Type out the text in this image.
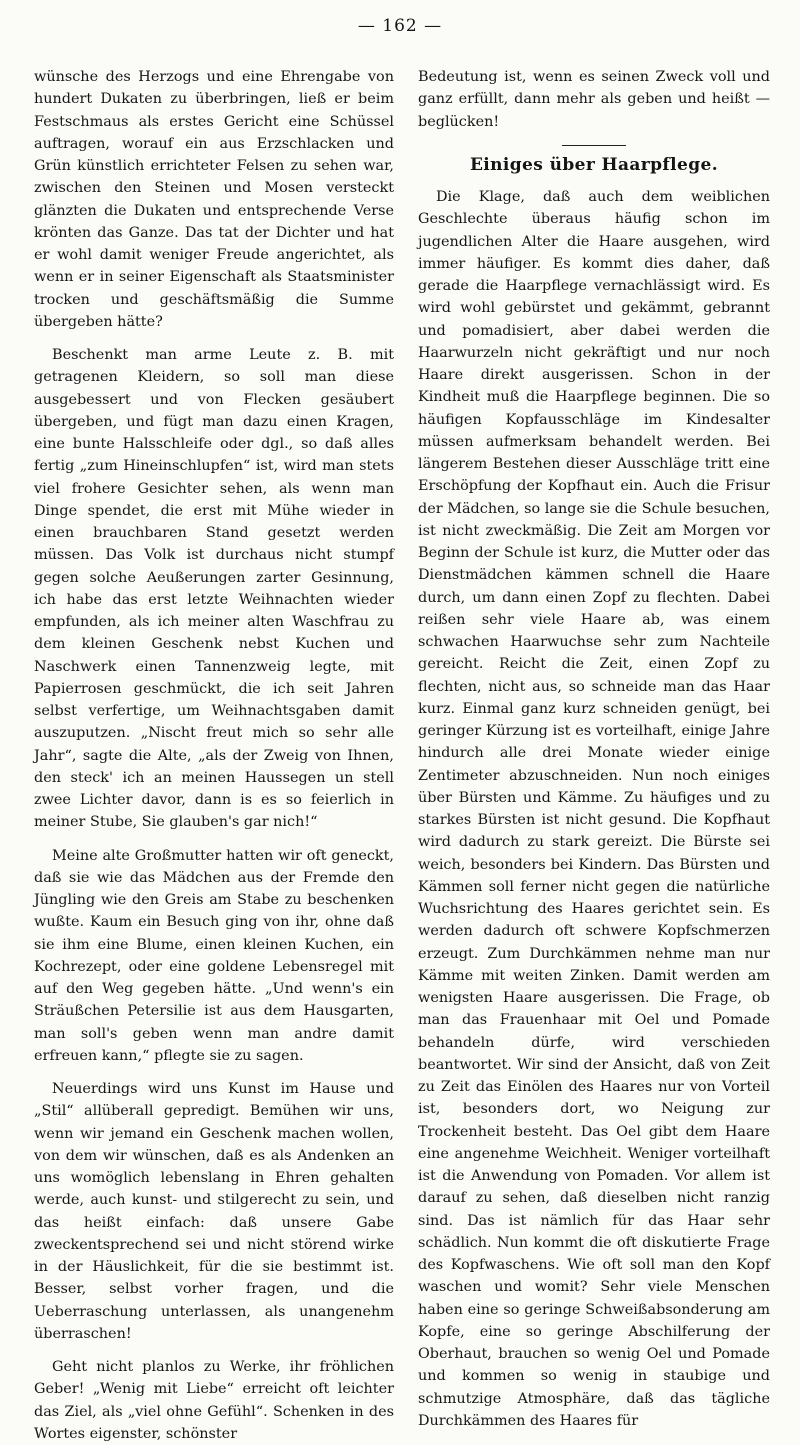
— 162 —

wünsche des Herzogs und eine Ehrengabe von hundert Dukaten zu überbringen, ließ er beim Festschmaus als erstes Gericht eine Schüssel auftragen, worauf ein aus Erzschlacken und Grün künstlich errichteter Felsen zu sehen war, zwischen den Steinen und Mosen versteckt glänzten die Dukaten und entsprechende Verse krönten das Ganze. Das tat der Dichter und hat er wohl damit weniger Freude angerichtet, als wenn er in seiner Eigenschaft als Staatsminister trocken und geschäftsmäßig die Summe übergeben hätte?

Beschenkt man arme Leute z. B. mit getragenen Kleidern, so soll man diese ausgebessert und von Flecken gesäubert übergeben, und fügt man dazu einen Kragen, eine bunte Halsschleife oder dgl., so daß alles fertig „zum Hineinschlupfen“ ist, wird man stets viel frohere Gesichter sehen, als wenn man Dinge spendet, die erst mit Mühe wieder in einen brauchbaren Stand gesetzt werden müssen. Das Volk ist durchaus nicht stumpf gegen solche Aeußerungen zarter Gesinnung, ich habe das erst letzte Weihnachten wieder empfunden, als ich meiner alten Waschfrau zu dem kleinen Geschenk nebst Kuchen und Naschwerk einen Tannenzweig legte, mit Papierrosen geschmückt, die ich seit Jahren selbst verfertige, um Weihnachtsgaben damit auszuputzen. „Nischt freut mich so sehr alle Jahr“, sagte die Alte, „als der Zweig von Ihnen, den steck' ich an meinen Haussegen un stell zwee Lichter davor, dann is es so feierlich in meiner Stube, Sie glauben's gar nich!“

Meine alte Großmutter hatten wir oft geneckt, daß sie wie das Mädchen aus der Fremde den Jüngling wie den Greis am Stabe zu beschenken wußte. Kaum ein Besuch ging von ihr, ohne daß sie ihm eine Blume, einen kleinen Kuchen, ein Kochrezept, oder eine goldene Lebensregel mit auf den Weg gegeben hätte. „Und wenn's ein Sträußchen Petersilie ist aus dem Hausgarten, man soll's geben wenn man andre damit erfreuen kann,“ pflegte sie zu sagen.

Neuerdings wird uns Kunst im Hause und „Stil“ allüberall gepredigt. Bemühen wir uns, wenn wir jemand ein Geschenk machen wollen, von dem wir wünschen, daß es als Andenken an uns womöglich lebenslang in Ehren gehalten werde, auch kunst- und stilgerecht zu sein, und das heißt einfach: daß unsere Gabe zweckentsprechend sei und nicht störend wirke in der Häuslichkeit, für die sie bestimmt ist. Besser, selbst vorher fragen, und die Ueberraschung unterlassen, als unangenehm überraschen!

Geht nicht planlos zu Werke, ihr fröhlichen Geber! „Wenig mit Liebe“ erreicht oft leichter das Ziel, als „viel ohne Gefühl“. Schenken in des Wortes eigenster, schönster

Bedeutung ist, wenn es seinen Zweck voll und ganz erfüllt, dann mehr als geben und heißt — beglücken!

Einiges über Haarpflege.

Die Klage, daß auch dem weiblichen Geschlechte überaus häufig schon im jugendlichen Alter die Haare ausgehen, wird immer häufiger. Es kommt dies daher, daß gerade die Haarpflege vernachlässigt wird. Es wird wohl gebürstet und gekämmt, gebrannt und pomadisiert, aber dabei werden die Haarwurzeln nicht gekräftigt und nur noch Haare direkt ausgerissen. Schon in der Kindheit muß die Haarpflege beginnen. Die so häufigen Kopfausschläge im Kindesalter müssen aufmerksam behandelt werden. Bei längerem Bestehen dieser Ausschläge tritt eine Erschöpfung der Kopfhaut ein. Auch die Frisur der Mädchen, so lange sie die Schule besuchen, ist nicht zweckmäßig. Die Zeit am Morgen vor Beginn der Schule ist kurz, die Mutter oder das Dienstmädchen kämmen schnell die Haare durch, um dann einen Zopf zu flechten. Dabei reißen sehr viele Haare ab, was einem schwachen Haarwuchse sehr zum Nachteile gereicht. Reicht die Zeit, einen Zopf zu flechten, nicht aus, so schneide man das Haar kurz. Einmal ganz kurz schneiden genügt, bei geringer Kürzung ist es vorteilhaft, einige Jahre hindurch alle drei Monate wieder einige Zentimeter abzuschneiden. Nun noch einiges über Bürsten und Kämme. Zu häufiges und zu starkes Bürsten ist nicht gesund. Die Kopfhaut wird dadurch zu stark gereizt. Die Bürste sei weich, besonders bei Kindern. Das Bürsten und Kämmen soll ferner nicht gegen die natürliche Wuchsrichtung des Haares gerichtet sein. Es werden dadurch oft schwere Kopfschmerzen erzeugt. Zum Durchkämmen nehme man nur Kämme mit weiten Zinken. Damit werden am wenigsten Haare ausgerissen. Die Frage, ob man das Frauenhaar mit Oel und Pomade behandeln dürfe, wird verschieden beantwortet. Wir sind der Ansicht, daß von Zeit zu Zeit das Einölen des Haares nur von Vorteil ist, besonders dort, wo Neigung zur Trockenheit besteht. Das Oel gibt dem Haare eine angenehme Weichheit. Weniger vorteilhaft ist die Anwendung von Pomaden. Vor allem ist darauf zu sehen, daß dieselben nicht ranzig sind. Das ist nämlich für das Haar sehr schädlich. Nun kommt die oft diskutierte Frage des Kopfwaschens. Wie oft soll man den Kopf waschen und womit? Sehr viele Menschen haben eine so geringe Schweißabsonderung am Kopfe, eine so geringe Abschilferung der Oberhaut, brauchen so wenig Oel und Pomade und kommen so wenig in staubige und schmutzige Atmosphäre, daß das tägliche Durchkämmen des Haares für
